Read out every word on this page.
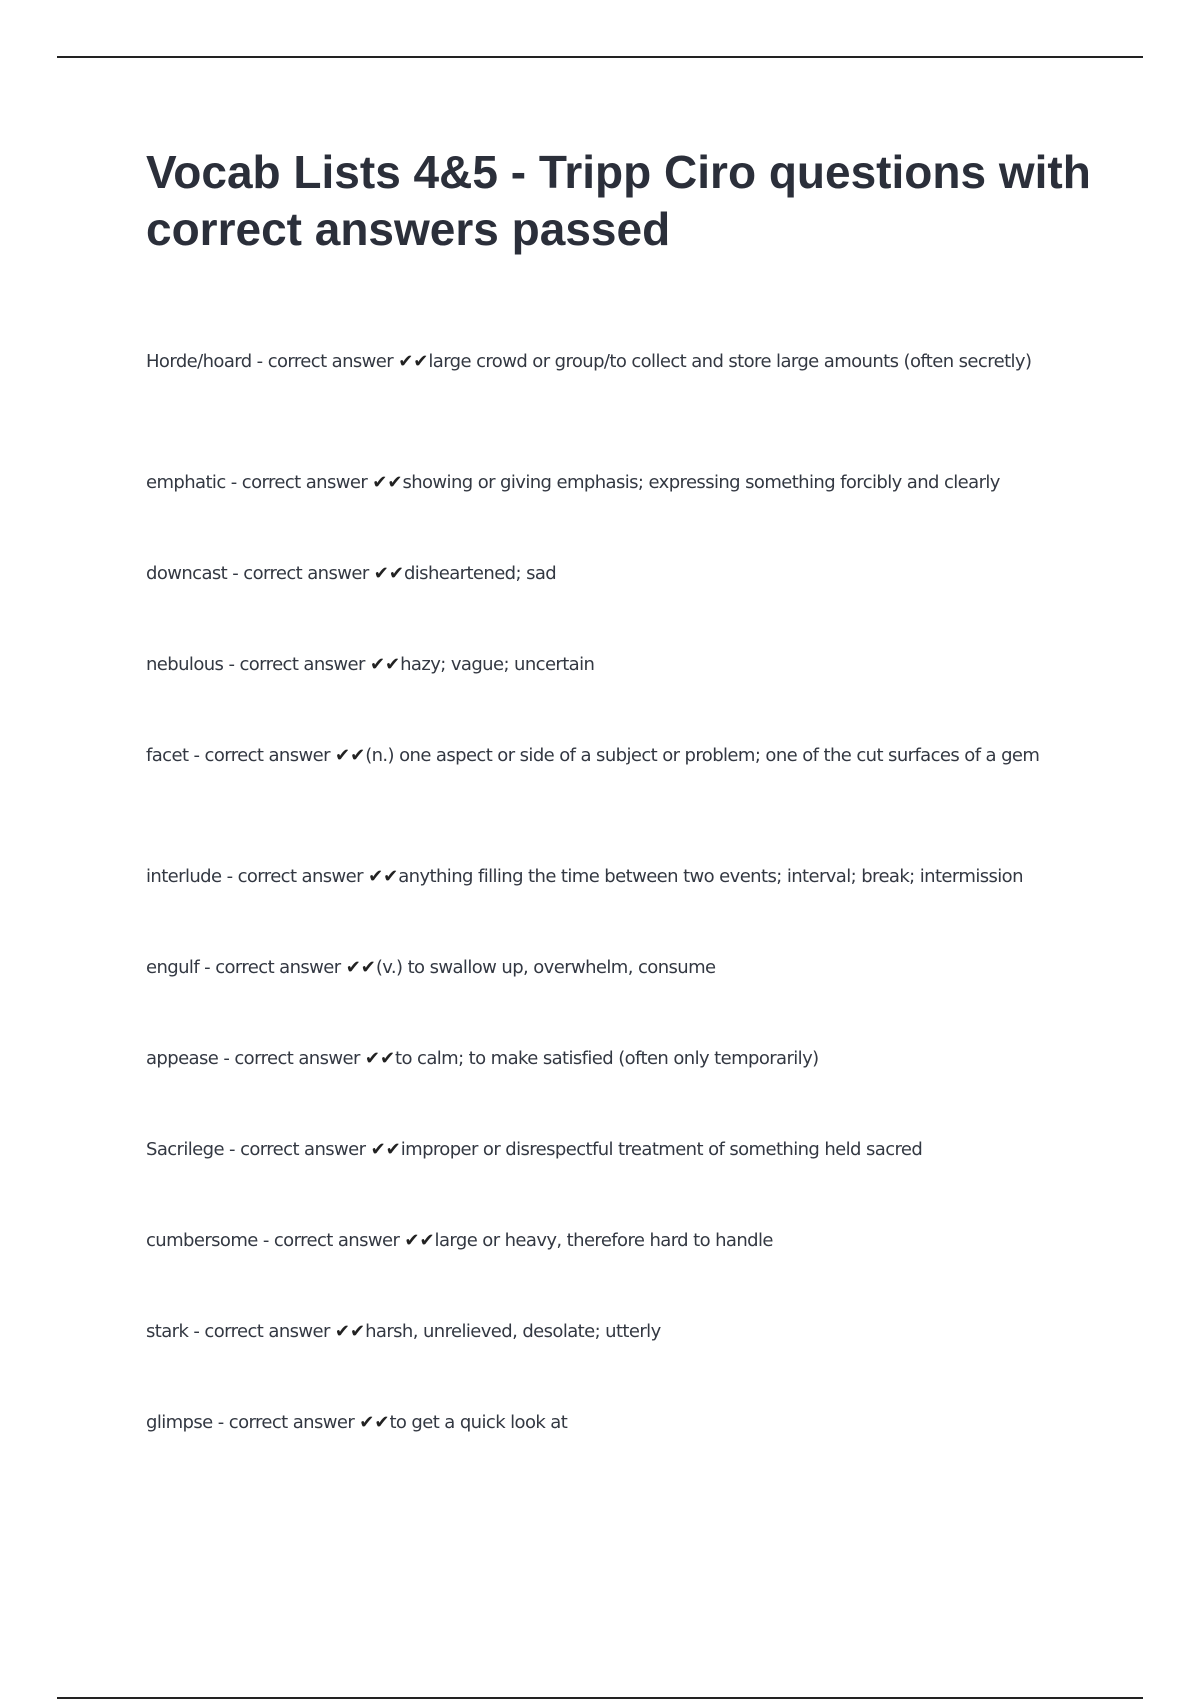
Vocab Lists 4&5 - Tripp Ciro questions with correct answers passed

Horde/hoard - correct answer ✔✔large crowd or group/to collect and store large amounts (often secretly)

emphatic - correct answer ✔✔showing or giving emphasis; expressing something forcibly and clearly

downcast - correct answer ✔✔disheartened; sad

nebulous - correct answer ✔✔hazy; vague; uncertain

facet - correct answer ✔✔(n.) one aspect or side of a subject or problem; one of the cut surfaces of a gem

interlude - correct answer ✔✔anything filling the time between two events; interval; break; intermission

engulf - correct answer ✔✔(v.) to swallow up, overwhelm, consume

appease - correct answer ✔✔to calm; to make satisfied (often only temporarily)

Sacrilege - correct answer ✔✔improper or disrespectful treatment of something held sacred

cumbersome - correct answer ✔✔large or heavy, therefore hard to handle

stark - correct answer ✔✔harsh, unrelieved, desolate; utterly

glimpse - correct answer ✔✔to get a quick look at
